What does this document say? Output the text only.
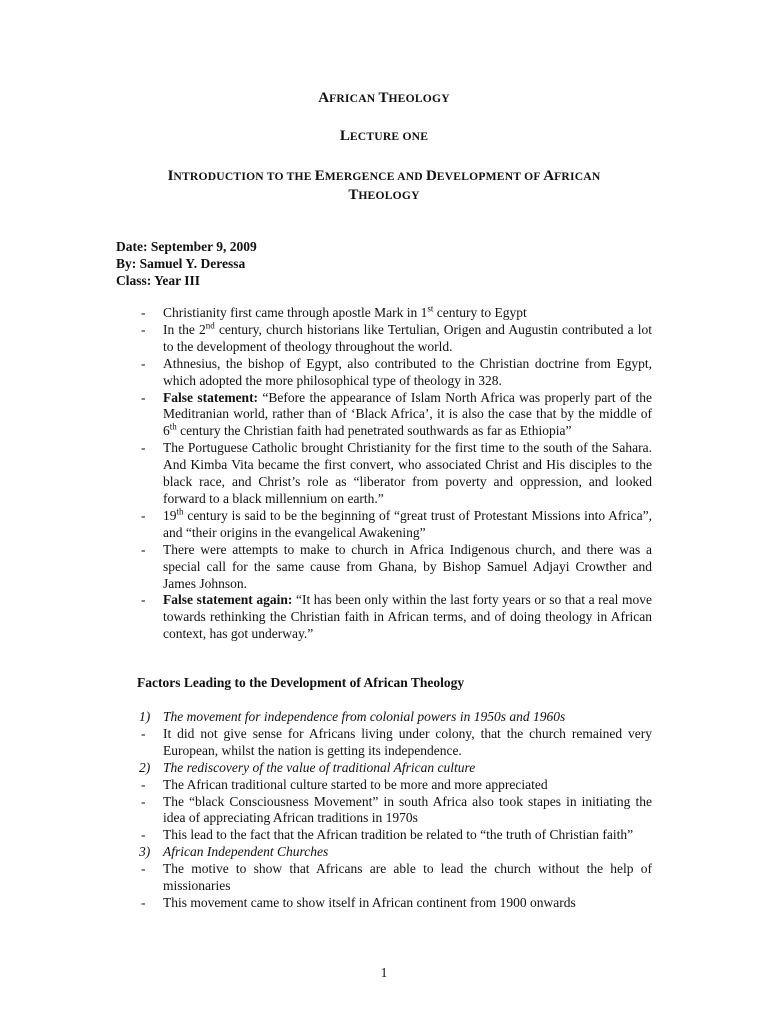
AFRICAN THEOLOGY
LECTURE ONE
INTRODUCTION TO THE EMERGENCE AND DEVELOPMENT OF AFRICAN
THEOLOGY
Date: September 9, 2009
By: Samuel Y. Deressa
Class: Year III
- Christianity first came through apostle Mark in 1st century to Egypt
- In the 2nd century, church historians like Tertulian, Origen and Augustin contributed a lot to the development of theology throughout the world.
- Athnesius, the bishop of Egypt, also contributed to the Christian doctrine from Egypt, which adopted the more philosophical type of theology in 328.
- False statement: “Before the appearance of Islam North Africa was properly part of the Meditranian world, rather than of ‘Black Africa’, it is also the case that by the middle of 6th century the Christian faith had penetrated southwards as far as Ethiopia”
- The Portuguese Catholic brought Christianity for the first time to the south of the Sahara. And Kimba Vita became the first convert, who associated Christ and His disciples to the black race, and Christ’s role as “liberator from poverty and oppression, and looked forward to a black millennium on earth.”
- 19th century is said to be the beginning of “great trust of Protestant Missions into Africa”, and “their origins in the evangelical Awakening”
- There were attempts to make to church in Africa Indigenous church, and there was a special call for the same cause from Ghana, by Bishop Samuel Adjayi Crowther and James Johnson.
- False statement again: “It has been only within the last forty years or so that a real move towards rethinking the Christian faith in African terms, and of doing theology in African context, has got underway.”
Factors Leading to the Development of African Theology
1) The movement for independence from colonial powers in 1950s and 1960s
- It did not give sense for Africans living under colony, that the church remained very European, whilst the nation is getting its independence.
2) The rediscovery of the value of traditional African culture
- The African traditional culture started to be more and more appreciated
- The “black Consciousness Movement” in south Africa also took stapes in initiating the idea of appreciating African traditions in 1970s
- This lead to the fact that the African tradition be related to “the truth of Christian faith”
3) African Independent Churches
- The motive to show that Africans are able to lead the church without the help of missionaries
- This movement came to show itself in African continent from 1900 onwards
1
